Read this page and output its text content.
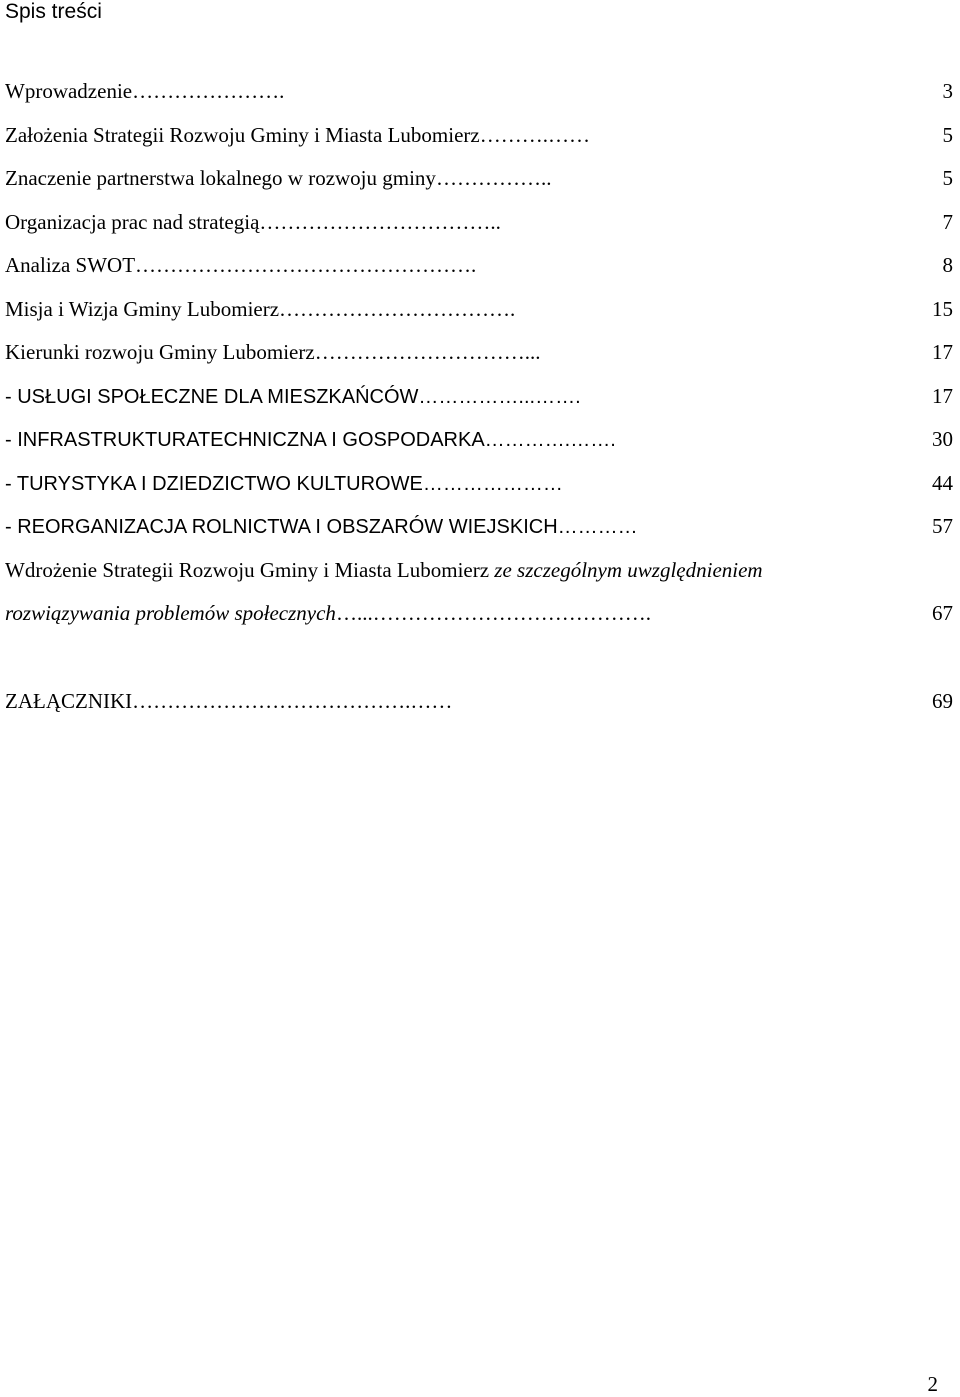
Spis treści
Wprowadzenie ………………….	3
Założenia Strategii Rozwoju Gminy i Miasta Lubomierz ……….……	5
Znaczenie partnerstwa lokalnego w rozwoju gminy ……………..	5
Organizacja prac nad strategią ……………………………..	7
Analiza SWOT ………………………………………….	8
Misja i Wizja Gminy Lubomierz …………………………….	15
Kierunki rozwoju Gminy Lubomierz …………………………...	17
- USŁUGI SPOŁECZNE DLA MIESZKAŃCÓW ……………...…….	17
- INFRASTRUKTURATECHNICZNA I GOSPODARKA ………….…….	30
- TURYSTYKA I DZIEDZICTWO KULTUROWE …………………	44
- REORGANIZACJA ROLNICTWA I OBSZARÓW WIEJSKICH …………	57
Wdrożenie Strategii Rozwoju Gminy i Miasta Lubomierz ze szczególnym uwzględnieniem
rozwiązywania problemów społecznych …...………………………………….	67
ZAŁĄCZNIKI ………………………………….……	69
2
